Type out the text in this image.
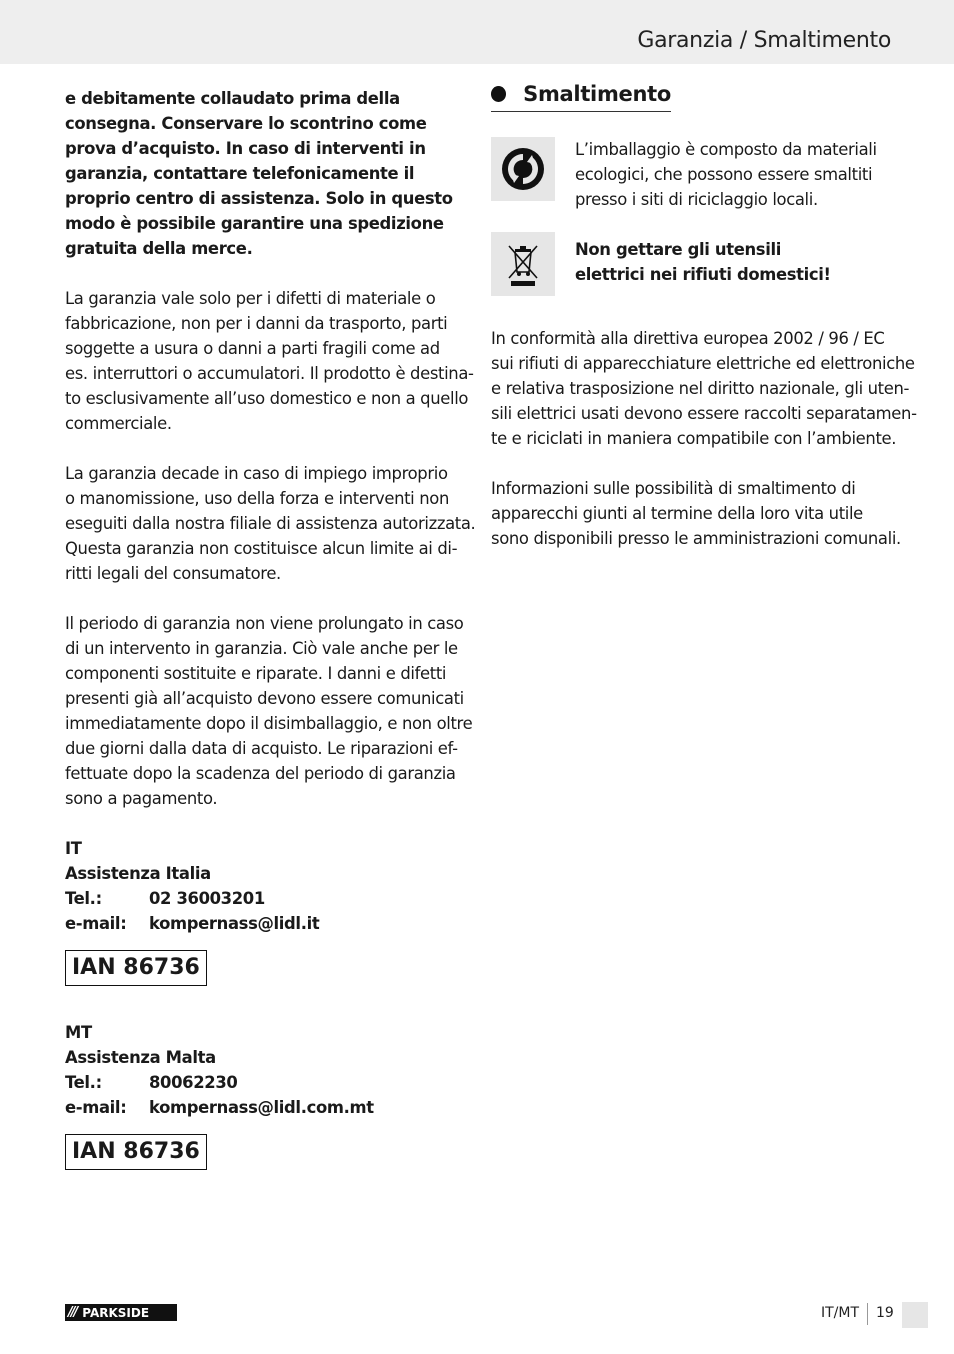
Garanzia / Smaltimento

e debitamente collaudato prima della
consegna. Conservare lo scontrino come
prova d’acquisto. In caso di interventi in
garanzia, contattare telefonicamente il
proprio centro di assistenza. Solo in questo
modo è possibile garantire una spedizione
gratuita della merce.

La garanzia vale solo per i difetti di materiale o
fabbricazione, non per i danni da trasporto, parti
soggette a usura o danni a parti fragili come ad
es. interruttori o accumulatori. Il prodotto è destina-
to esclusivamente all’uso domestico e non a quello
commerciale.

La garanzia decade in caso di impiego improprio
o manomissione, uso della forza e interventi non
eseguiti dalla nostra filiale di assistenza autorizzata.
Questa garanzia non costituisce alcun limite ai di-
ritti legali del consumatore.

Il periodo di garanzia non viene prolungato in caso
di un intervento in garanzia. Ciò vale anche per le
componenti sostituite e riparate. I danni e difetti
presenti già all’acquisto devono essere comunicati
immediatamente dopo il disimballaggio, e non oltre
due giorni dalla data di acquisto. Le riparazioni ef-
fettuate dopo la scadenza del periodo di garanzia
sono a pagamento.

IT
Assistenza Italia
Tel.:	02 36003201
e-mail:	kompernass@lidl.it
IAN 86736
MT
Assistenza Malta
Tel.:	80062230
e-mail:	kompernass@lidl.com.mt
IAN 86736
Smaltimento
L’imballaggio è composto da materiali
ecologici, che possono essere smaltiti
presso i siti di riciclaggio locali.
Non gettare gli utensili
elettrici nei rifiuti domestici!

In conformità alla direttiva europea 2002 / 96 / EC
sui rifiuti di apparecchiature elettriche ed elettroniche
e relativa trasposizione nel diritto nazionale, gli uten-
sili elettrici usati devono essere raccolti separatamen-
te e riciclati in maniera compatibile con l’ambiente.

Informazioni sulle possibilità di smaltimento di
apparecchi giunti al termine della loro vita utile
sono disponibili presso le amministrazioni comunali.

/// PARKSIDE	IT/MT 19
